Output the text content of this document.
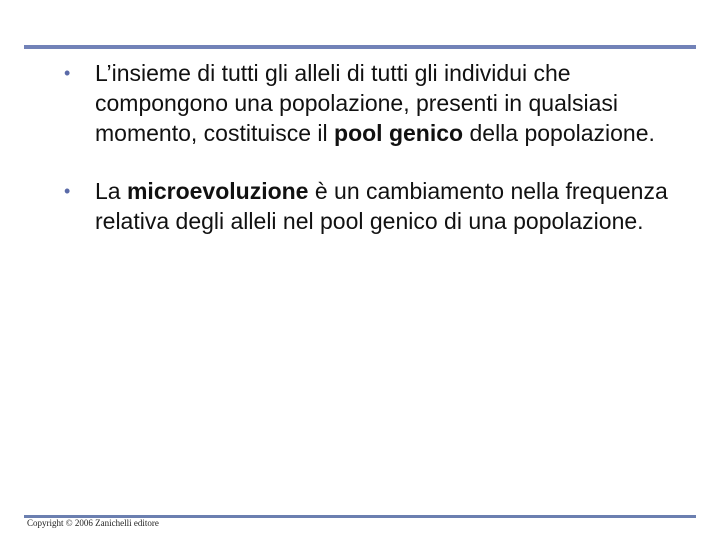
• L’insieme di tutti gli alleli di tutti gli individui che compongono una popolazione, presenti in qualsiasi momento, costituisce il pool genico della popolazione.
• La microevoluzione è un cambiamento nella frequenza relativa degli alleli nel pool genico di una popolazione.
Copyright © 2006 Zanichelli editore
